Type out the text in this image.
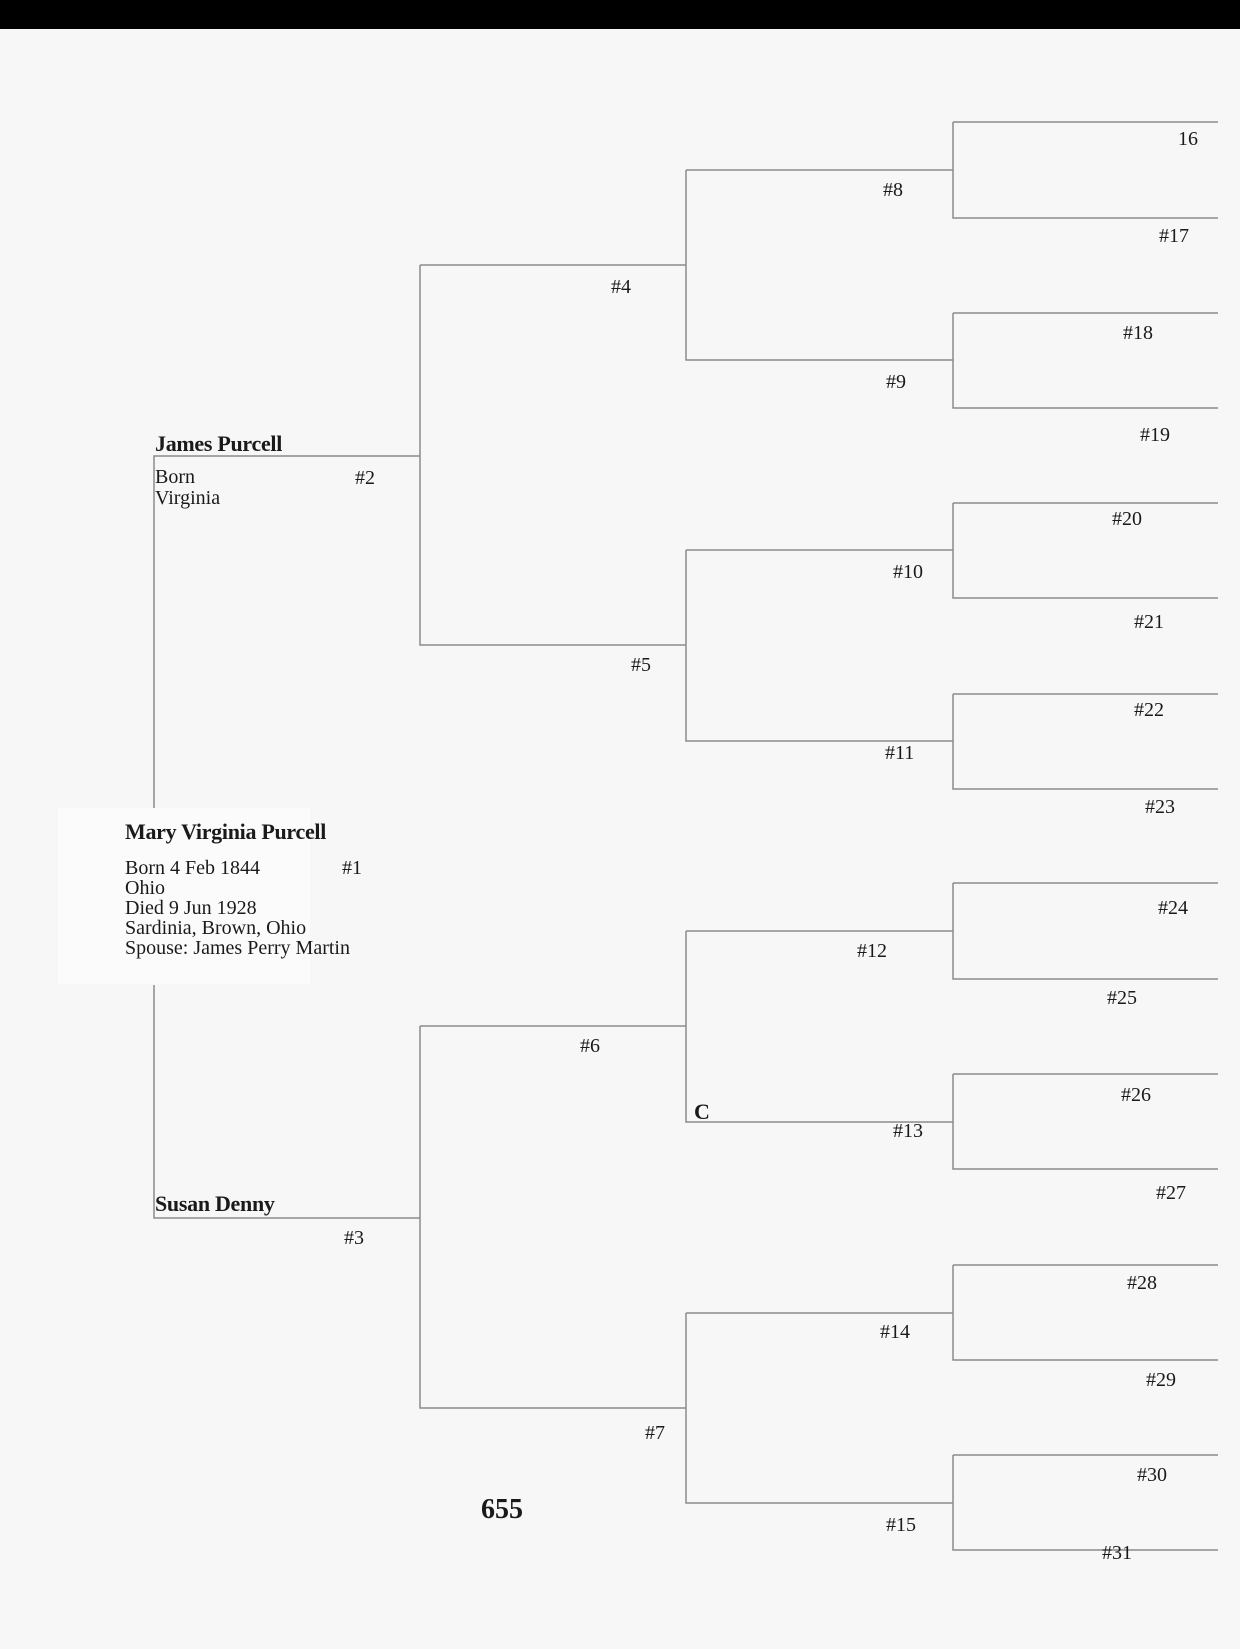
Mary Virginia Purcell
#1
Born 4 Feb 1844
Ohio
Died 9 Jun 1928
Sardinia, Brown, Ohio
Spouse: James Perry Martin
James Purcell
Born
Virginia
#2
Susan Denny
#3
#4
#5
#6
#7
#8
#9
#10
#11
#12
#13
#14
#15
16
#17
#18
#19
#20
#21
#22
#23
#24
#25
#26
#27
#28
#29
#30
#31
C
655
